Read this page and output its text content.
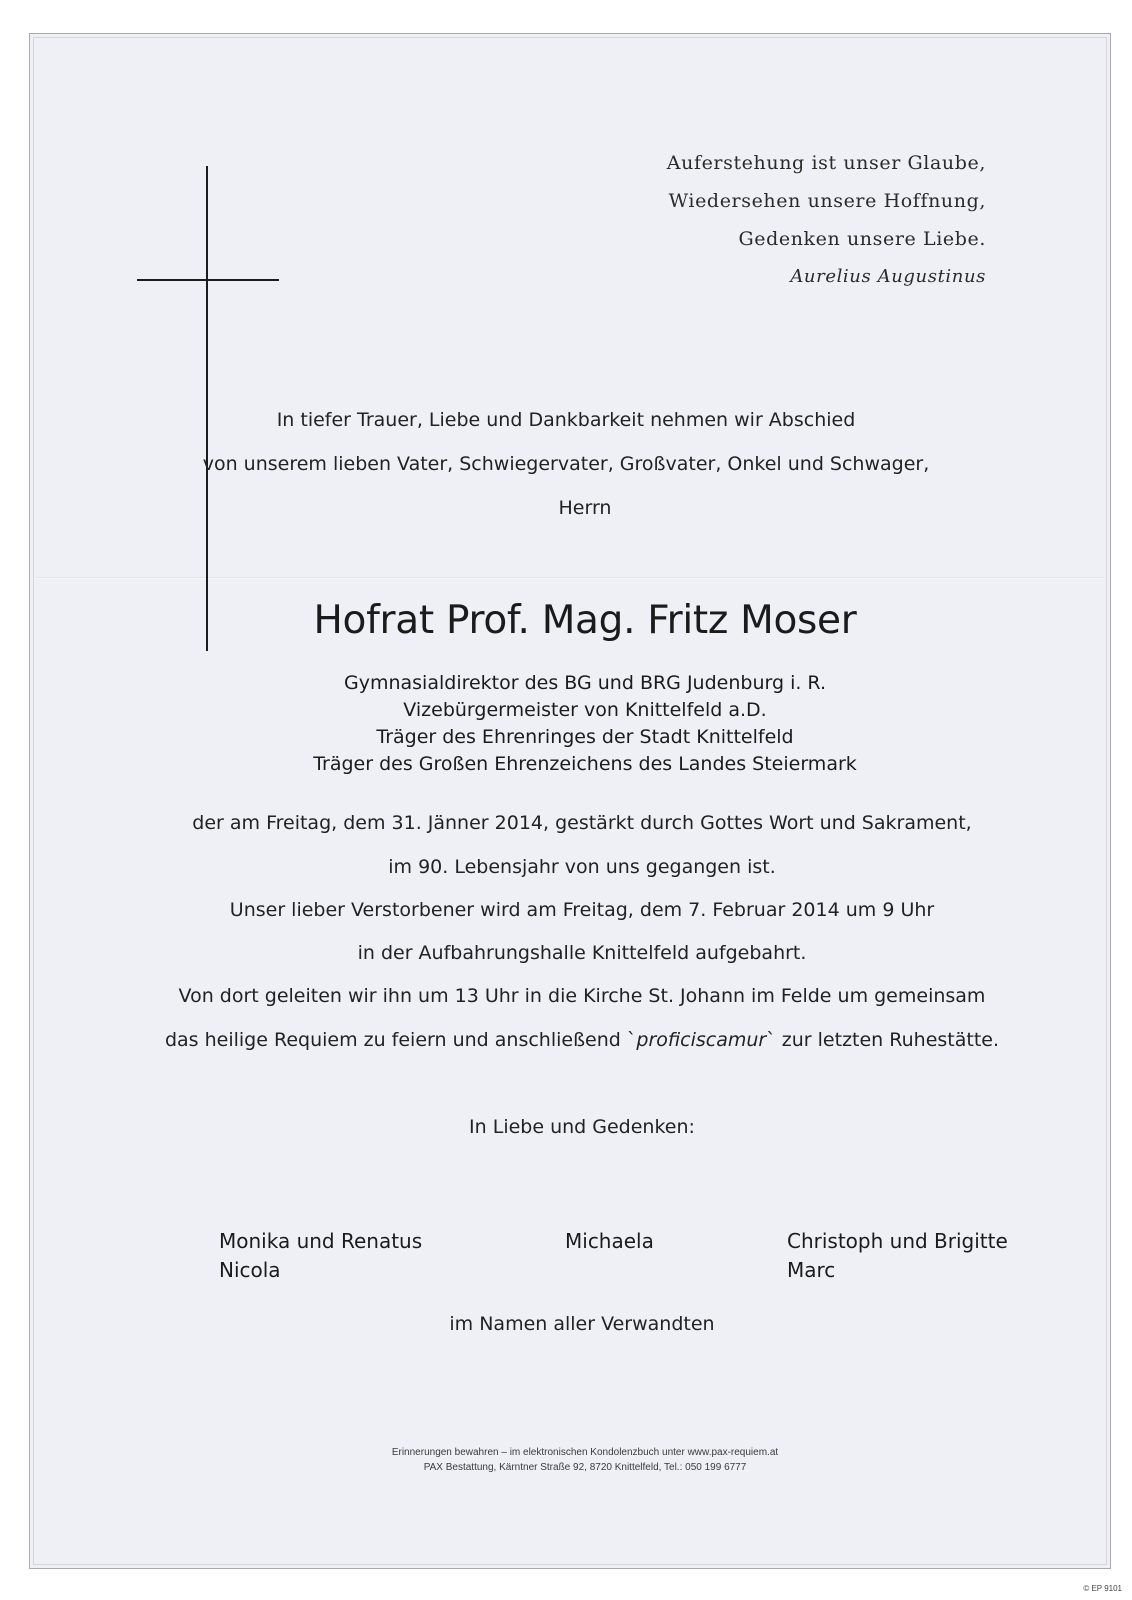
Auferstehung ist unser Glaube,
Wiedersehen unsere Hoffnung,
Gedenken unsere Liebe.
Aurelius Augustinus
In tiefer Trauer, Liebe und Dankbarkeit nehmen wir Abschied
von unserem lieben Vater, Schwiegervater, Großvater, Onkel und Schwager,
Herrn
Hofrat Prof. Mag. Fritz Moser
Gymnasialdirektor des BG und BRG Judenburg i. R.
Vizebürgermeister von Knittelfeld a.D.
Träger des Ehrenringes der Stadt Knittelfeld
Träger des Großen Ehrenzeichens des Landes Steiermark
der am Freitag, dem 31. Jänner 2014, gestärkt durch Gottes Wort und Sakrament,
im 90. Lebensjahr von uns gegangen ist.
Unser lieber Verstorbener wird am Freitag, dem 7. Februar 2014 um 9 Uhr
in der Aufbahrungshalle Knittelfeld aufgebahrt.
Von dort geleiten wir ihn um 13 Uhr in die Kirche St. Johann im Felde um gemeinsam
das heilige Requiem zu feiern und anschließend `proficiscamur` zur letzten Ruhestätte.
In Liebe und Gedenken:
Monika und Renatus
Nicola
Michaela	Christoph und Brigitte
Marc
im Namen aller Verwandten
Erinnerungen bewahren – im elektronischen Kondolenzbuch unter www.pax-requiem.at
PAX Bestattung, Kärntner Straße 92, 8720 Knittelfeld, Tel.: 050 199 6777
© EP 9101
